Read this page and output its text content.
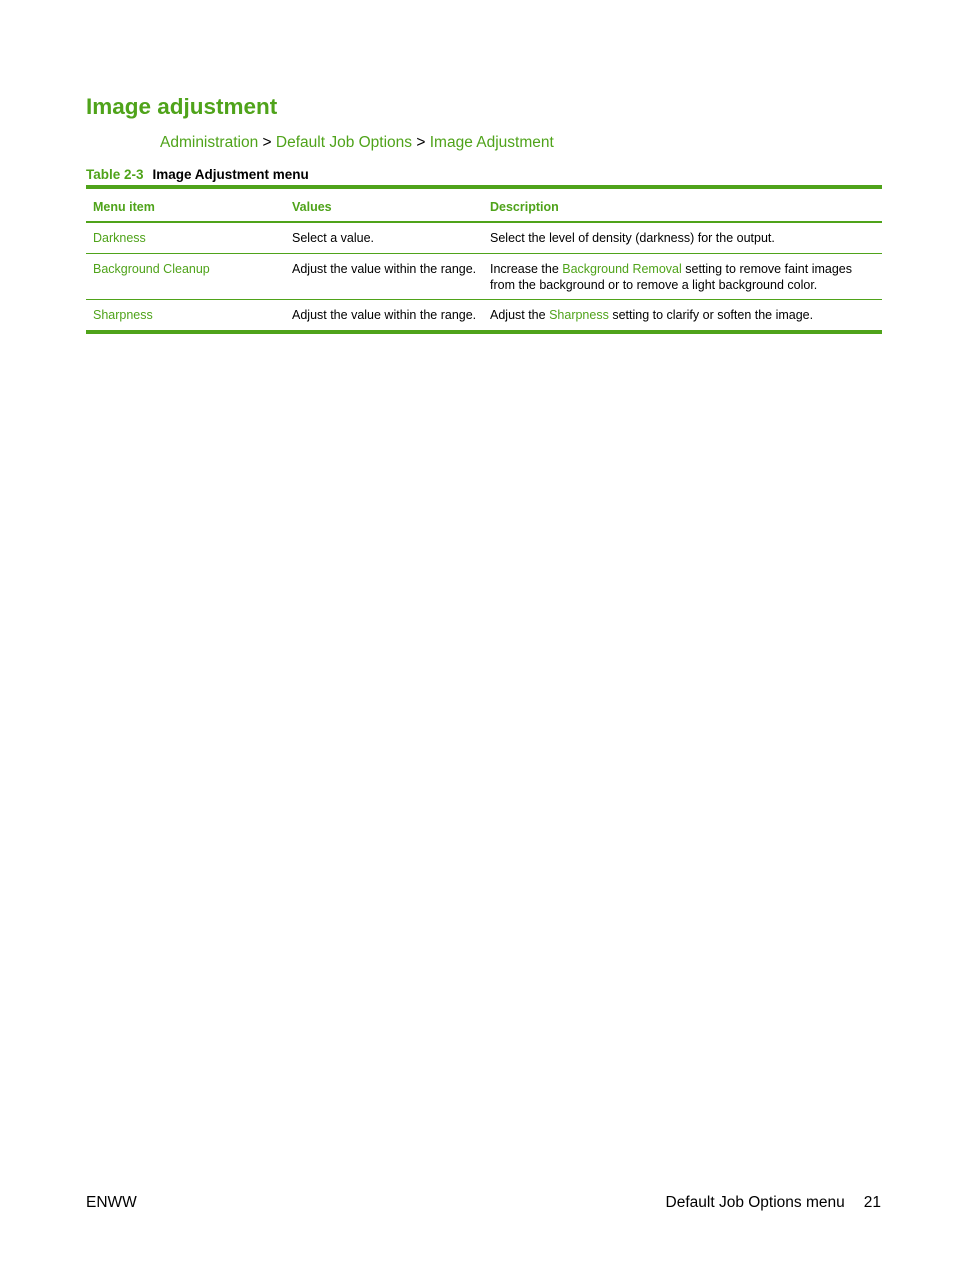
Image adjustment
Administration > Default Job Options > Image Adjustment
Table 2-3 Image Adjustment menu
Menu item	Values	Description
Darkness	Select a value.	Select the level of density (darkness) for the output.
Background Cleanup	Adjust the value within the range.	Increase the Background Removal setting to remove faint images from the background or to remove a light background color.
Sharpness	Adjust the value within the range.	Adjust the Sharpness setting to clarify or soften the image.
ENWW	Default Job Options menu 21
